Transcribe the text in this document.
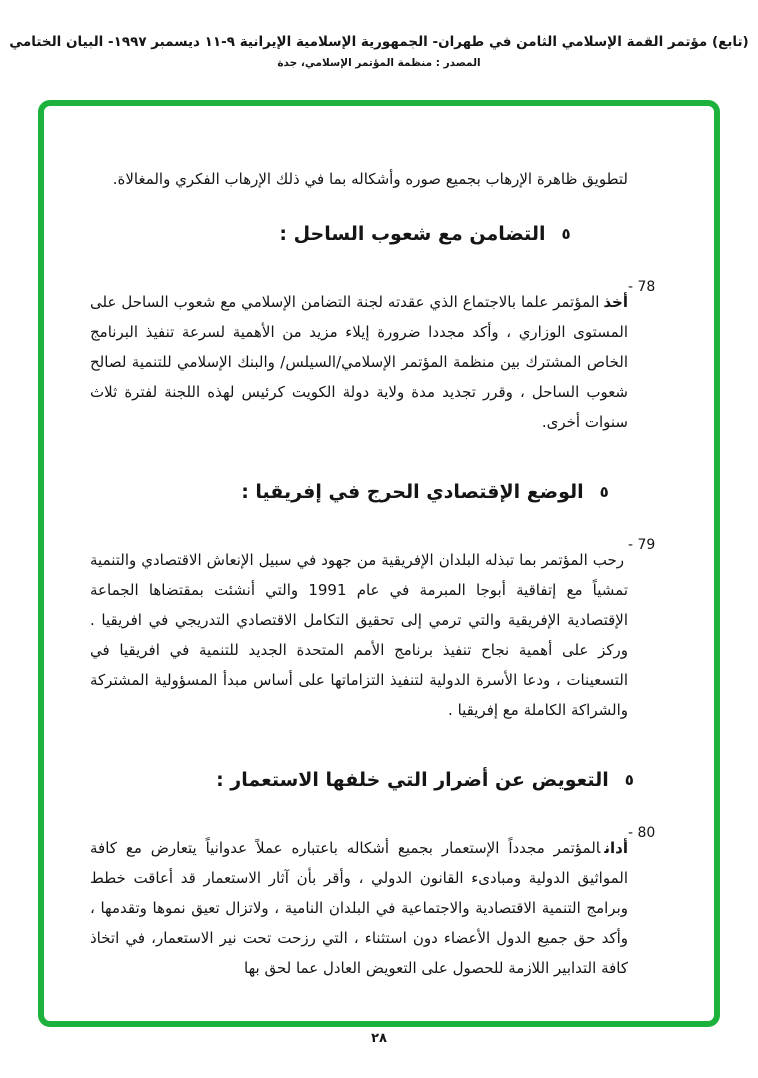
(تابع) مؤتمر القمة الإسلامي الثامن في طهران- الجمهورية الإسلامية الإيرانية ٩-١١ ديسمبر ١٩٩٧- البيان الختامي
المصدر : منظمة المؤتمر الإسلامي، جدة

لتطويق ظاهرة الإرهاب بجميع صوره وأشكاله بما في ذلك الإرهاب الفكري والمغالاة.

٥التضامن مع شعوب الساحل :
- 78

أخذالمؤتمر علما بالاجتماع الذي عقدته لجنة التضامن الإسلامي مع شعوب الساحل على المستوى الوزاري ، وأكد مجددا ضرورة إيلاء مزيد من الأهمية لسرعة تنفيذ البرنامج الخاص المشترك بين منظمة المؤتمر الإسلامي/السيلس/ والبنك الإسلامي للتنمية لصالح شعوب الساحل ، وقرر تجديد مدة ولاية دولة الكويت كرئيس لهذه اللجنة لفترة ثلاث سنوات أخرى.

٥الوضع الإقتصادي الحرج في إفريقيا :
- 79

رحب المؤتمر بما تبذله البلدان الإفريقية من جهود في سبيل الإنعاش الاقتصادي والتنمية تمشياً مع إتفاقية أبوجا المبرمة في عام 1991 والتي أنشئت بمقتضاها الجماعة الإقتصادية الإفريقية والتي ترمي إلى تحقيق التكامل الاقتصادي التدريجي في افريقيا . وركز على أهمية نجاح تنفيذ برنامج الأمم المتحدة الجديد للتنمية في افريقيا في التسعينات ، ودعا الأسرة الدولية لتنفيذ التزاماتها على أساس مبدأ المسؤولية المشتركة والشراكة الكاملة مع إفريقيا .

٥التعويض عن أضرار التي خلفها الاستعمار :
- 80

أدانالمؤتمر مجدداً الإستعمار بجميع أشكاله باعتباره عملاً عدوانياً يتعارض مع كافة المواثيق الدولية ومبادىء القانون الدولي ، وأقر بأن آثار الاستعمار قد أعاقت خطط وبرامج التنمية الاقتصادية والاجتماعية في البلدان النامية ، ولاتزال تعيق نموها وتقدمها ، وأكد حق جميع الدول الأعضاء دون استثناء ، التي رزحت تحت نير الاستعمار، في اتخاذ كافة التدابير اللازمة للحصول على التعويض العادل عما لحق بها

٢٨
